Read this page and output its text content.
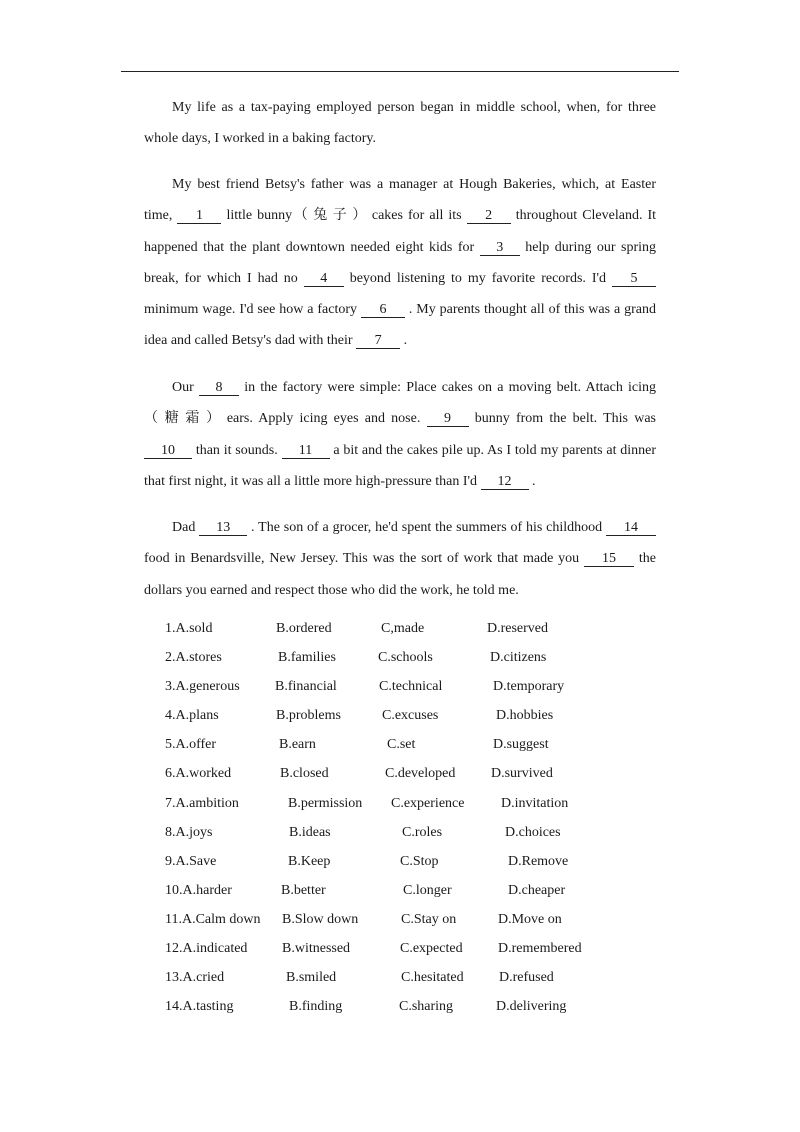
My life as a tax-paying employed person began in middle school, when, for three whole days, I worked in a baking factory.

My best friend Betsy's father was a manager at Hough Bakeries, which, at Easter time, 1 little bunny（兔子）cakes for all its 2 throughout Cleveland. It happened that the plant downtown needed eight kids for 3 help during our spring break, for which I had no 4 beyond listening to my favorite records. I'd 5 minimum wage. I'd see how a factory 6 . My parents thought all of this was a grand idea and called Betsy's dad with their 7 .

Our 8 in the factory were simple: Place cakes on a moving belt. Attach icing（糖霜）ears. Apply icing eyes and nose. 9 bunny from the belt. This was 10 than it sounds. 11 a bit and the cakes pile up. As I told my parents at dinner that first night, it was all a little more high-pressure than I'd 12 .

Dad 13 . The son of a grocer, he'd spent the summers of his childhood 14 food in Benardsville, New Jersey. This was the sort of work that made you 15 the dollars you earned and respect those who did the work, he told me.

1.A.sold	B.ordered	C,made	D.reserved
2.A.stores	B.families	C.schools	D.citizens
3.A.generous	B.financial	C.technical	D.temporary
4.A.plans	B.problems	C.excuses	D.hobbies
5.A.offer	B.earn	C.set	D.suggest
6.A.worked	B.closed	C.developed	D.survived
7.A.ambition	B.permission C.experience	D.invitation
8.A.joys	B.ideas	C.roles	D.choices
9.A.Save	B.Keep	C.Stop	D.Remove
10.A.harder	B.better	C.longer	D.cheaper
11.A.Calm down B.Slow down	C.Stay on	D.Move on
12.A.indicated B.witnessed	C.expected	D.remembered
13.A.cried	B.smiled	C.hesitated	D.refused
14.A.tasting	B.finding	C.sharing	D.delivering
